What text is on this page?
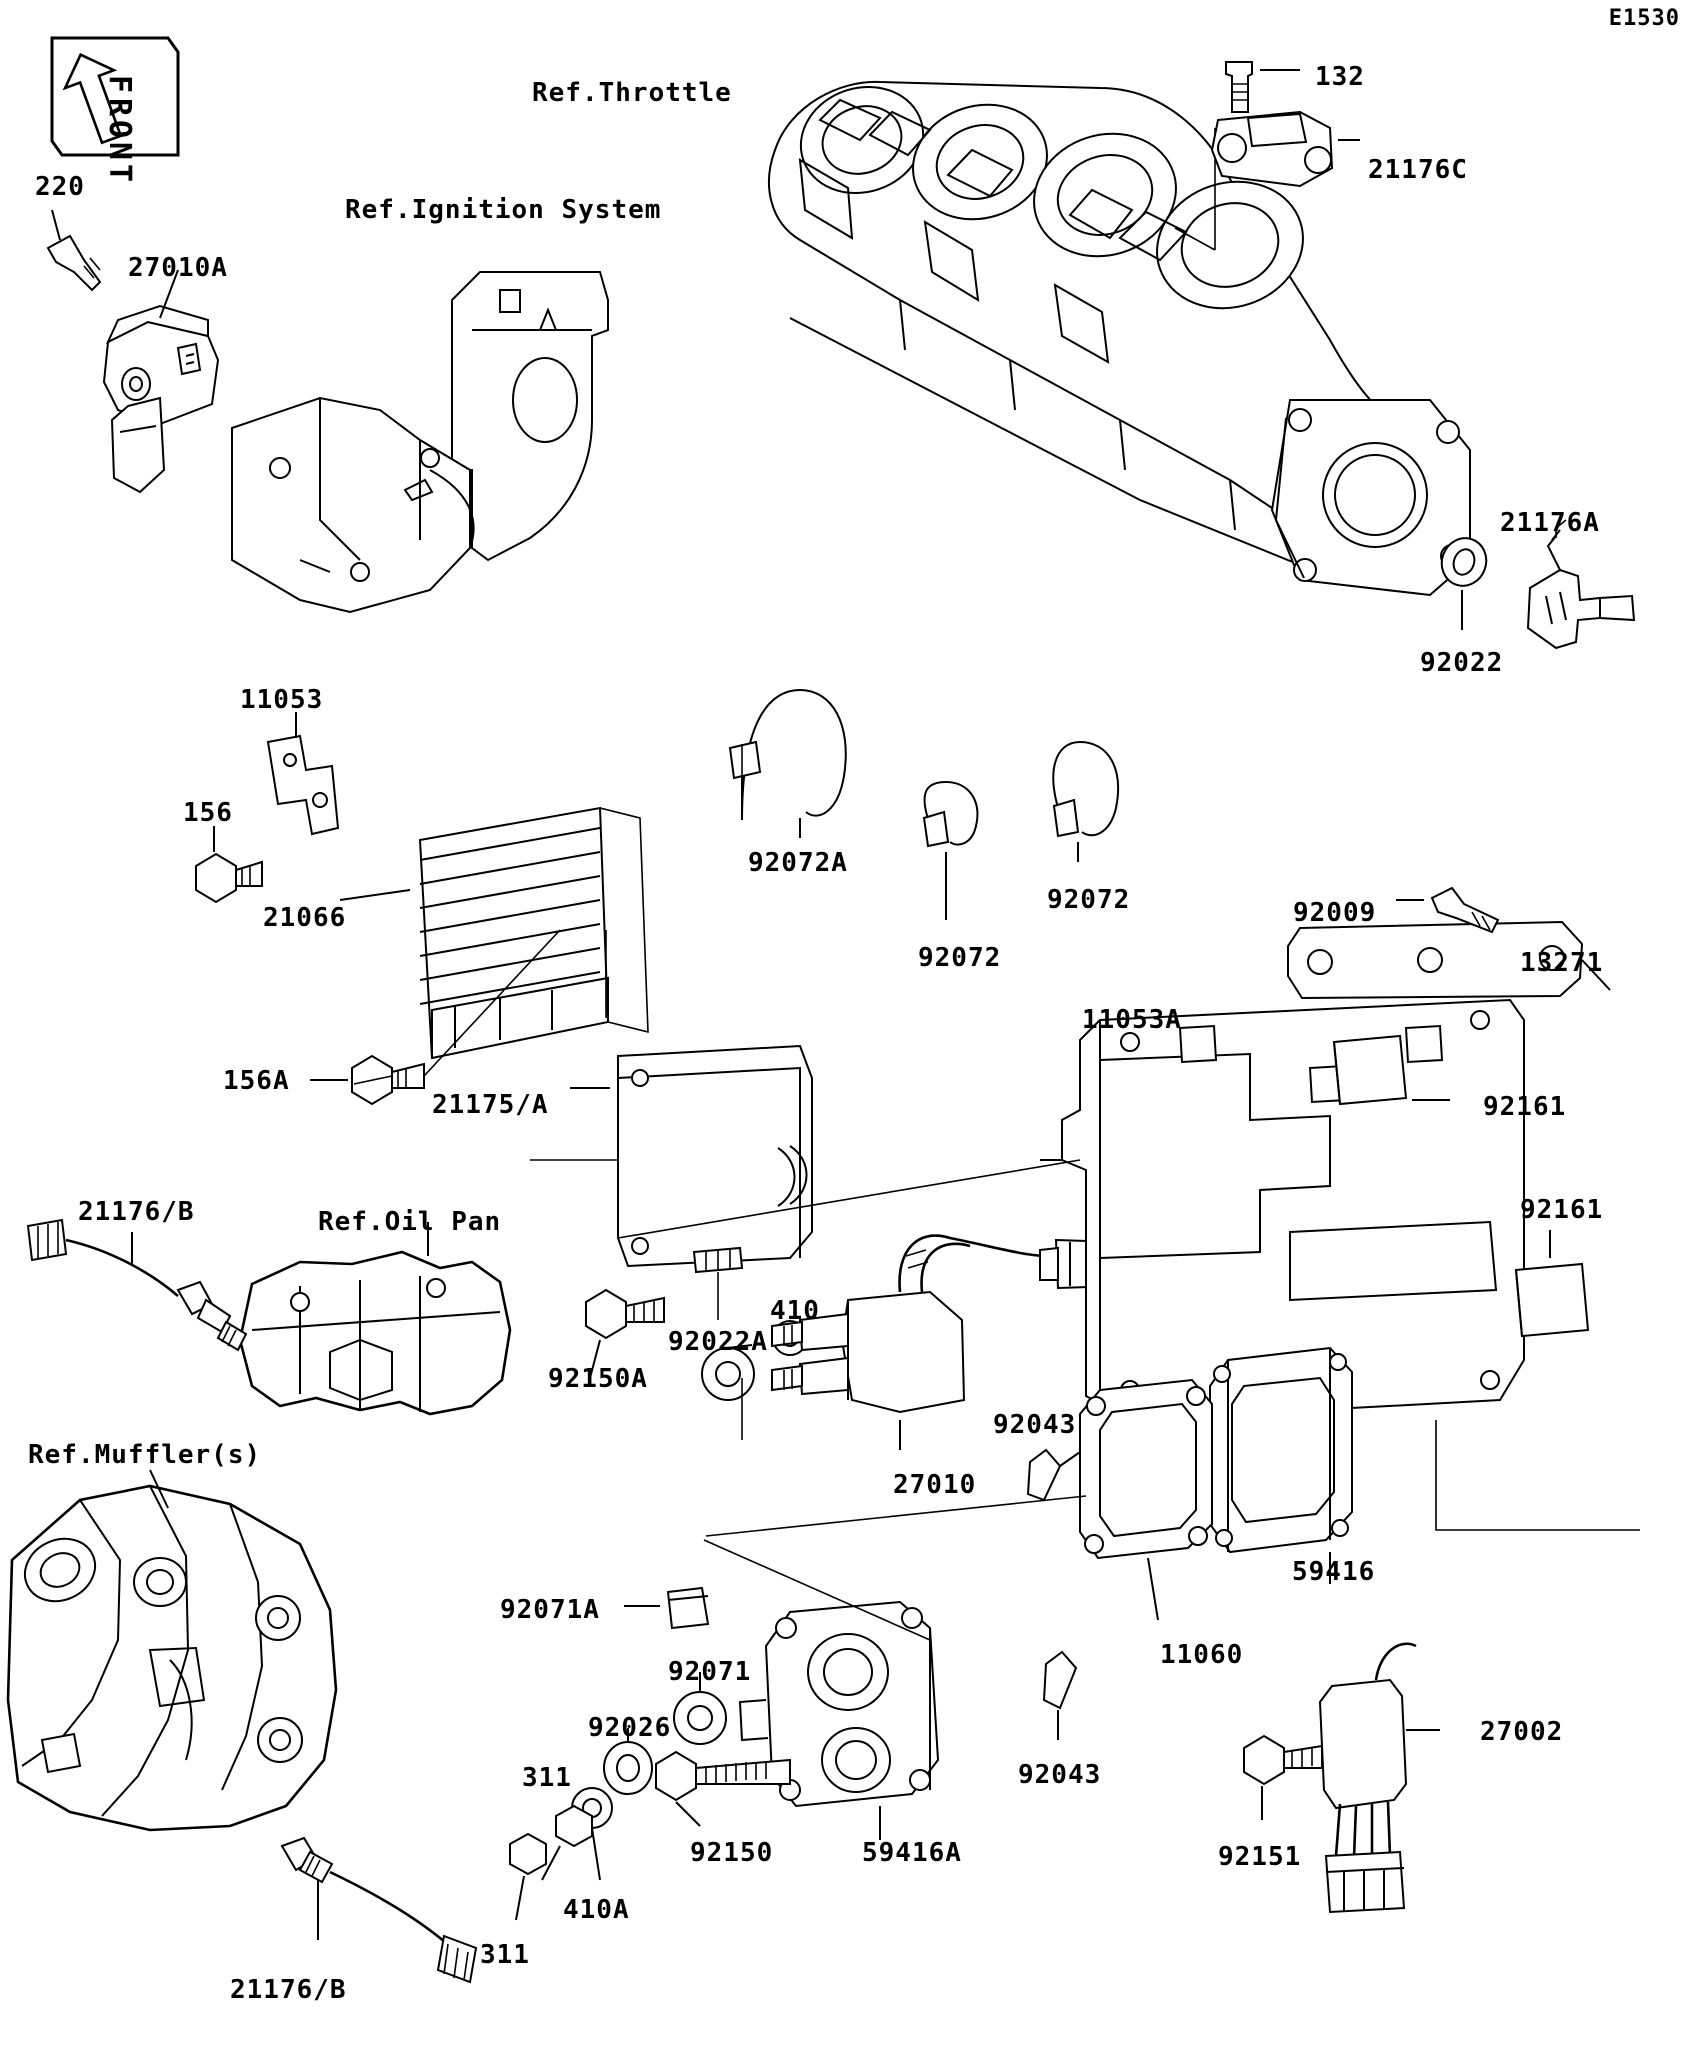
F
R
O
N
T
E1530
Ref.Throttle
Ref.Ignition System
Ref.Oil Pan
Ref.Muffler(s)
132
21176C
220
27010A
21176A
92022
11053
156
92072A
92072	92009
21066
92072	13271
11053A
156A
21175/A	92161
92161
21176/B
410
92022A
92150A
92043
27010
59416
11060
92071A
92071
92026	27002
92043
311
92151
92150	59416A
410A
311
21176/B
